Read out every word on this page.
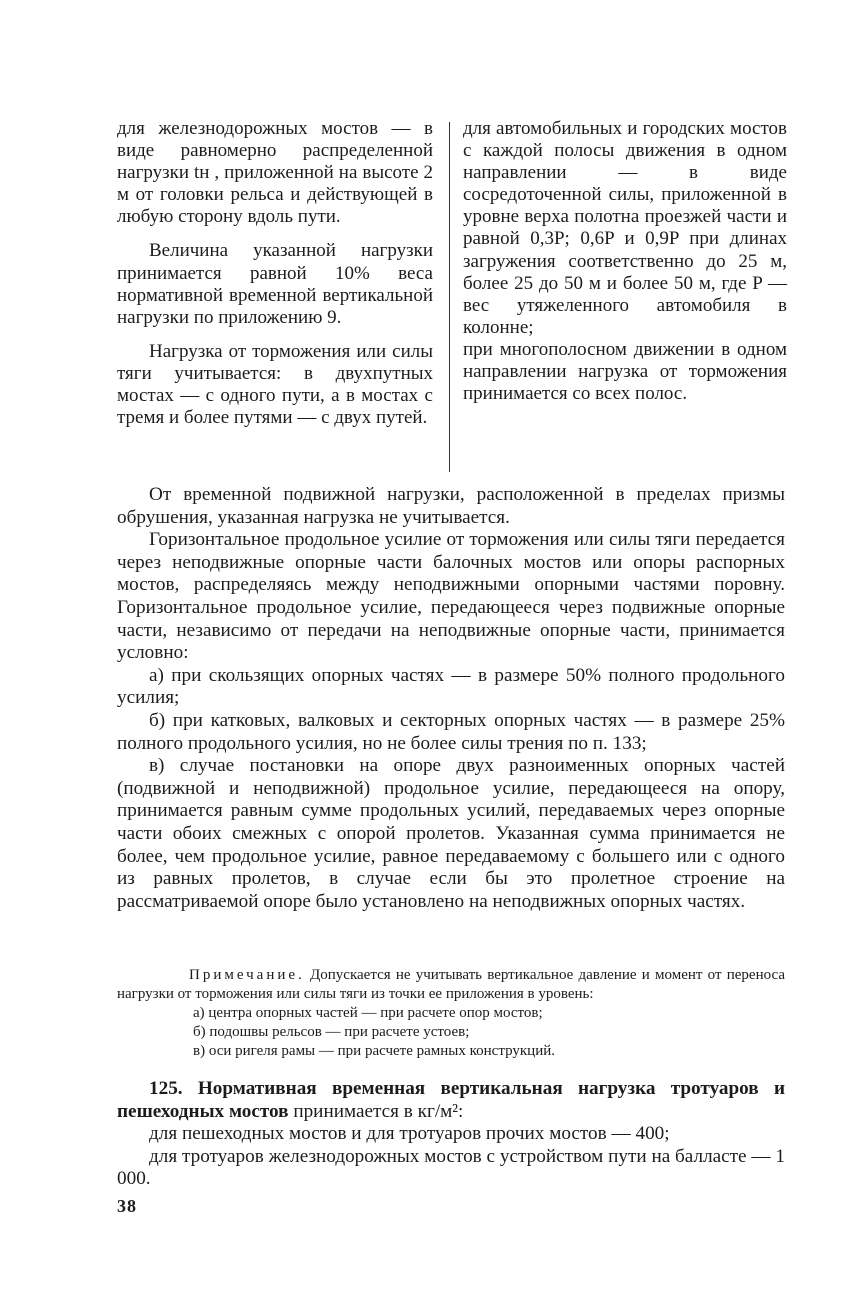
для железнодорожных мостов — в виде равномерно распределенной нагрузки tн , приложенной на высоте 2 м от головки рельса и действующей в любую сторону вдоль пути.

Величина указанной нагрузки принимается равной 10% веса нормативной временной вертикальной нагрузки по приложению 9.

Нагрузка от торможения или силы тяги учитывается: в двухпутных мостах — с одного пути, а в мостах с тремя и более путями — с двух путей.

для автомобильных и городских мостов с каждой полосы движения в одном направлении — в виде сосредоточенной силы, приложенной в уровне верха полотна проезжей части и равной 0,3P; 0,6P и 0,9P при длинах загружения соответственно до 25 м, более 25 до 50 м и более 50 м, где P — вес утяжеленного автомобиля в колонне;

при многополосном движении в одном направлении нагрузка от торможения принимается со всех полос.

От временной подвижной нагрузки, расположенной в пределах призмы обрушения, указанная нагрузка не учитывается.

Горизонтальное продольное усилие от торможения или силы тяги передается через неподвижные опорные части балочных мостов или опоры распорных мостов, распределяясь между неподвижными опорными частями поровну. Горизонтальное продольное усилие, передающееся через подвижные опорные части, независимо от передачи на неподвижные опорные части, принимается условно:

а) при скользящих опорных частях — в размере 50% полного продольного усилия;

б) при катковых, валковых и секторных опорных частях — в размере 25% полного продольного усилия, но не более силы трения по п. 133;

в) случае постановки на опоре двух разноименных опорных частей (подвижной и неподвижной) продольное усилие, передающееся на опору, принимается равным сумме продольных усилий, передаваемых через опорные части обоих смежных с опорой пролетов. Указанная сумма принимается не более, чем продольное усилие, равное передаваемому с большего или с одного из равных пролетов, в случае если бы это пролетное строение на рассматриваемой опоре было установлено на неподвижных опорных частях.

Примечание. Допускается не учитывать вертикальное давление и момент от переноса нагрузки от торможения или силы тяги из точки ее приложения в уровень:

а) центра опорных частей — при расчете опор мостов;

б) подошвы рельсов — при расчете устоев;

в) оси ригеля рамы — при расчете рамных конструкций.

125. Нормативная временная вертикальная нагрузка тротуаров и пешеходных мостов принимается в кг/м²:

для пешеходных мостов и для тротуаров прочих мостов — 400;

для тротуаров железнодорожных мостов с устройством пути на балласте — 1 000.

38
